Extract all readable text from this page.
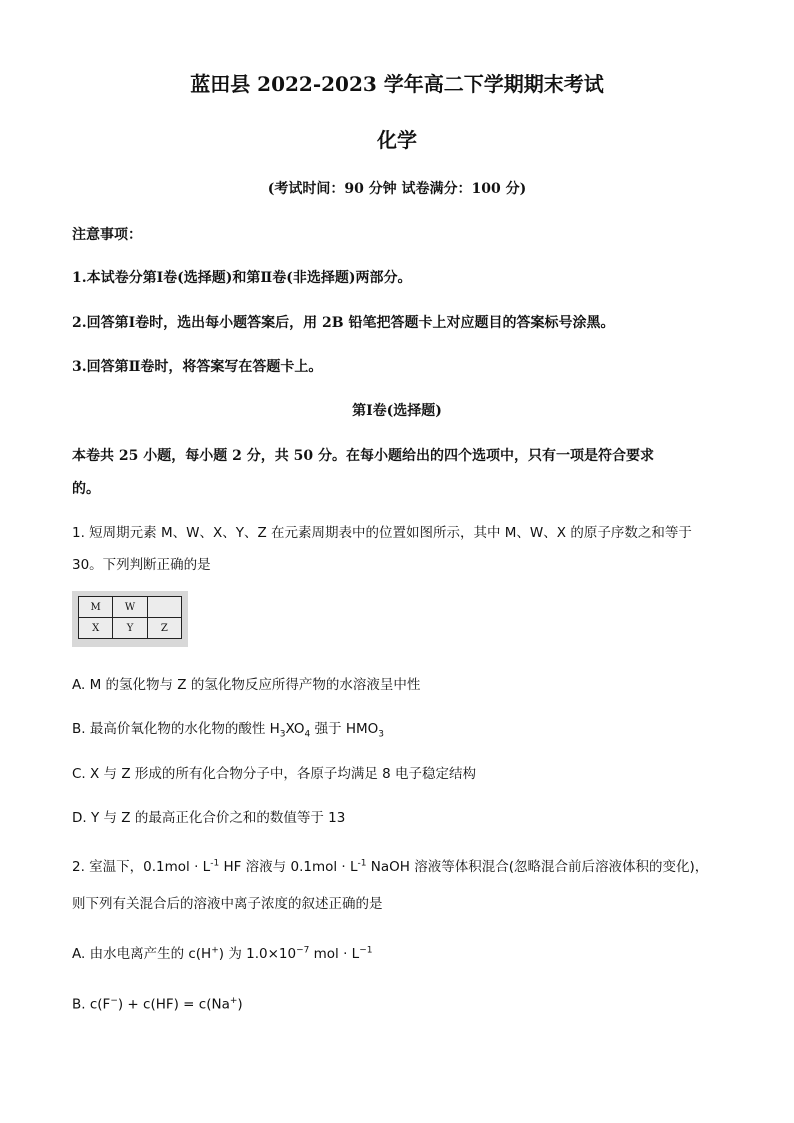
蓝田县 2022-2023 学年高二下学期期末考试
化学
(考试时间：90 分钟 试卷满分：100 分)
注意事项：
1.本试卷分第Ⅰ卷(选择题)和第Ⅱ卷(非选择题)两部分。
2.回答第Ⅰ卷时，选出每小题答案后，用 2B 铅笔把答题卡上对应题目的答案标号涂黑。
3.回答第Ⅱ卷时，将答案写在答题卡上。
第Ⅰ卷(选择题)
本卷共 25 小题，每小题 2 分，共 50 分。在每小题给出的四个选项中，只有一项是符合要求
的。
1. 短周期元素 M、W、X、Y、Z 在元素周期表中的位置如图所示，其中 M、W、X 的原子序数之和等于
30。下列判断正确的是
M	W	
X	Y	Z
A. M 的氢化物与 Z 的氢化物反应所得产物的水溶液呈中性
B. 最高价氧化物的水化物的酸性 $H_3XO_4$ 强于 $HMO_3$
C. X 与 Z 形成的所有化合物分子中，各原子均满足 8 电子稳定结构
D. Y 与 Z 的最高正化合价之和的数值等于 13
2. 室温下，$0.1mol \cdot L^{-1}$ HF 溶液与 $0.1mol \cdot L^{-1}$ NaOH 溶液等体积混合(忽略混合前后溶液体积的变化)，
则下列有关混合后的溶液中离子浓度的叙述正确的是
A. 由水电离产生的 c(H+) 为 $1.0\times 10^{-7}$ mol · $L^{-1}$
B. c(F−) + c(HF) = c(Na+)
